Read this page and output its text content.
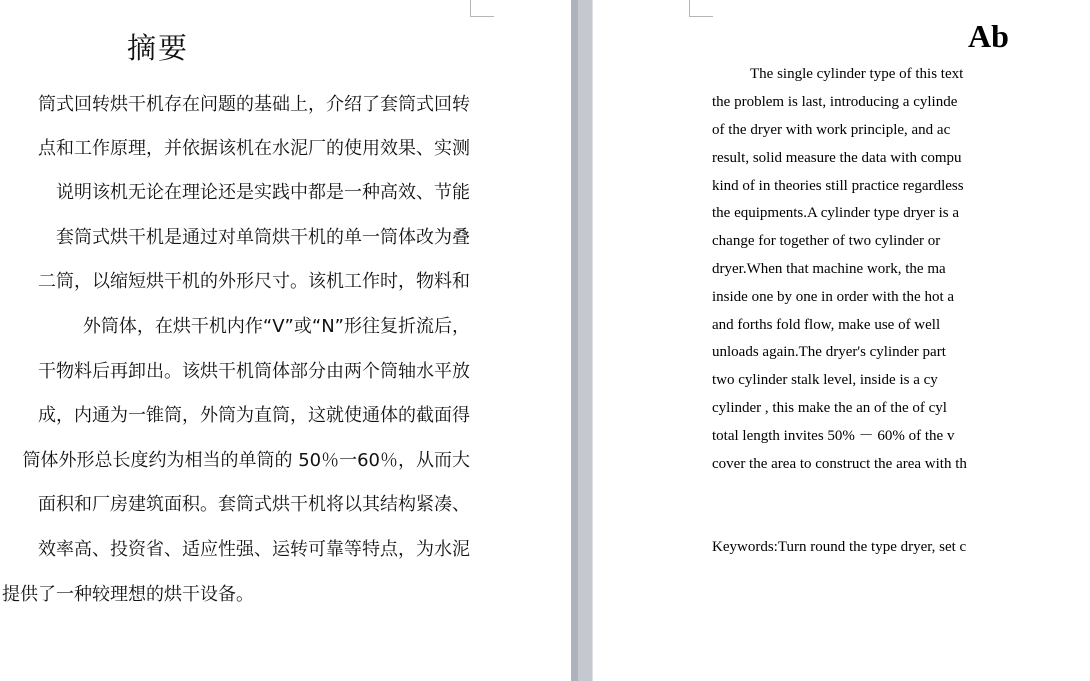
摘要
筒式回转烘干机存在问题的基础上，介绍了套筒式回转
点和工作原理，并依据该机在水泥厂的使用效果、实测
说明该机无论在理论还是实践中都是一种高效、节能
套筒式烘干机是通过对单筒烘干机的单一筒体改为叠
二筒，以缩短烘干机的外形尺寸。该机工作时，物料和
外筒体，在烘干机内作“V”或“N”形往复折流后，
干物料后再卸出。该烘干机筒体部分由两个筒轴水平放
成，内通为一锥筒，外筒为直筒，这就使通体的截面得
筒体外形总长度约为相当的单筒的 50％一60％，从而大
面积和厂房建筑面积。套筒式烘干机将以其结构紧凑、
效率高、投资省、适应性强、运转可靠等特点，为水泥
提供了一种较理想的烘干设备。
Ab
The single cylinder type of this text
the problem is last, introducing a cylinde
of the dryer with work principle, and ac
result, solid measure the data with compu
kind of in theories still practice regardless
the equipments.A cylinder type dryer is a
change for together of two cylinder or
dryer.When that machine work, the ma
inside one by one in order with the hot a
and forths fold flow, make use of well
unloads again.The dryer's cylinder part
two cylinder stalk level, inside is a cy
cylinder , this make the an of the of cyl
total length invites 50% － 60% of the v
cover the area to construct the area with th
Keywords:Turn round the type dryer, set c
